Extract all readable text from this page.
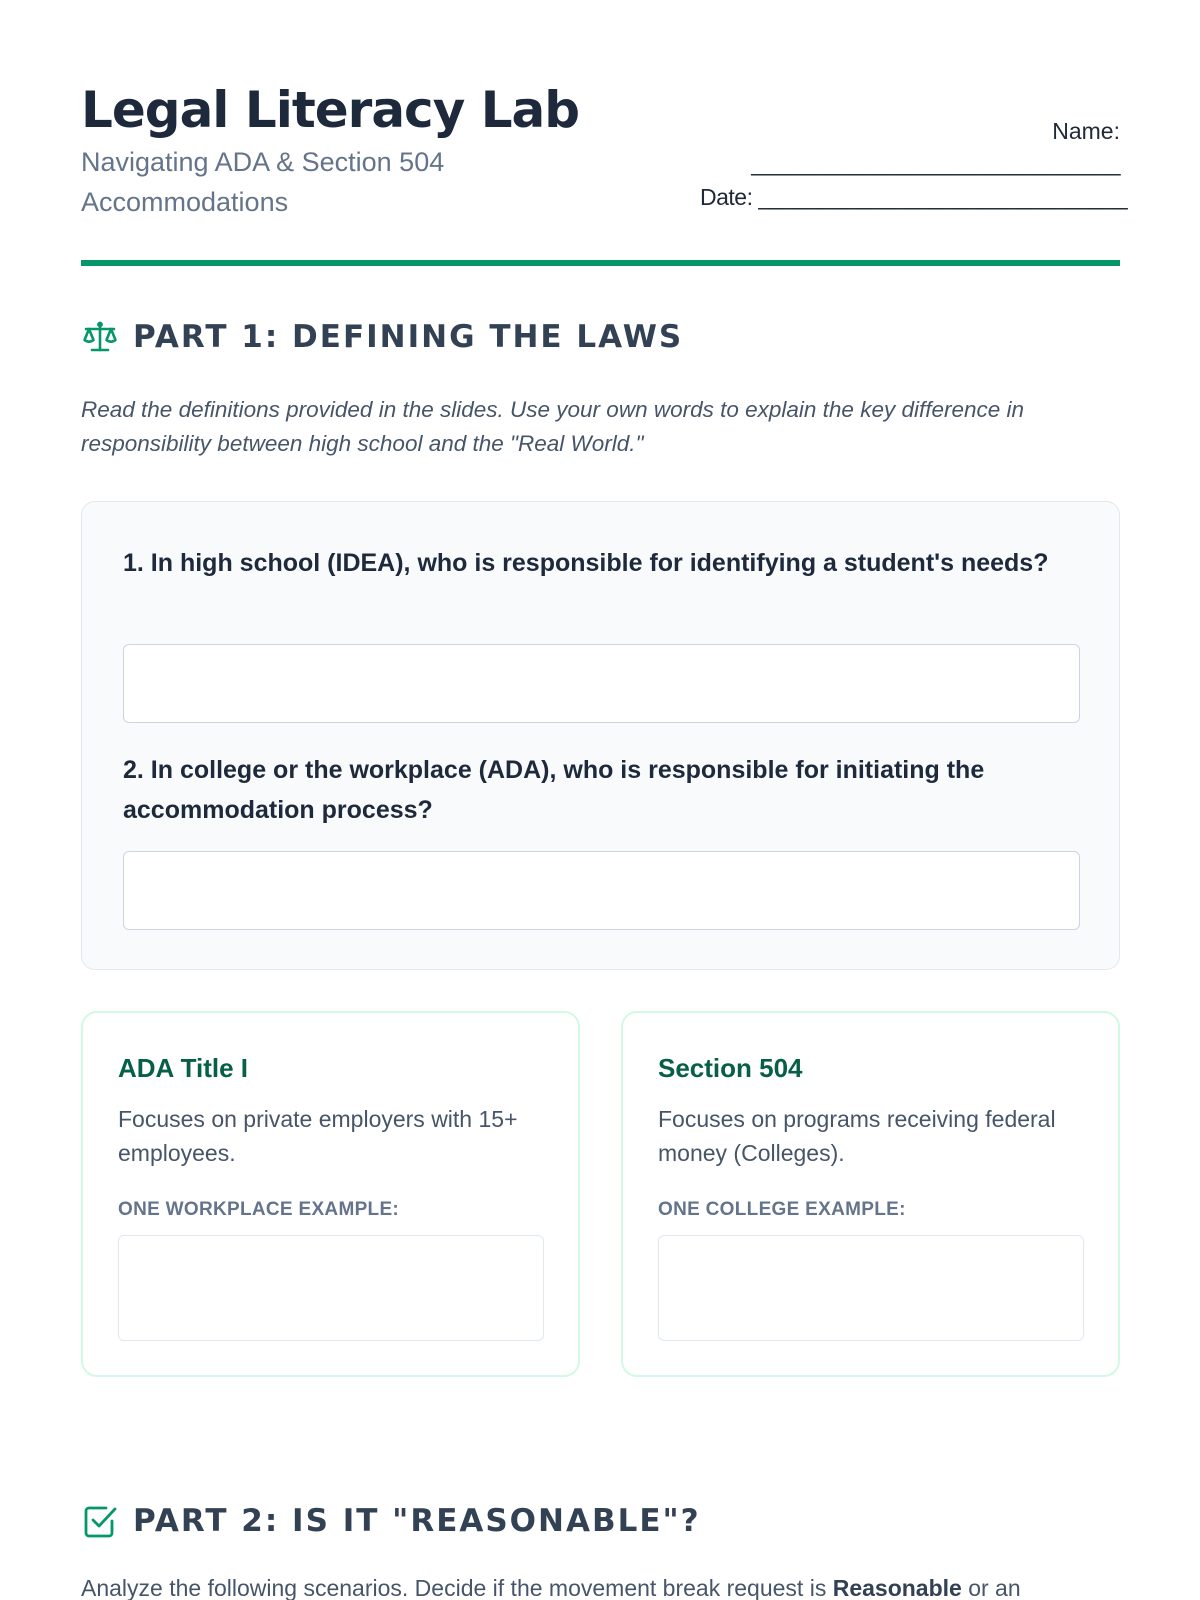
Legal Literacy Lab
Navigating ADA & Section 504 Accommodations
Name:
______________________________
Date: ______________________________
PART 1: DEFINING THE LAWS
Read the definitions provided in the slides. Use your own words to explain the key difference in responsibility between high school and the "Real World."
1. In high school (IDEA), who is responsible for identifying a student's needs?
2. In college or the workplace (ADA), who is responsible for initiating the accommodation process?
ADA Title I
Focuses on private employers with 15+ employees.
ONE WORKPLACE EXAMPLE:
Section 504
Focuses on programs receiving federal money (Colleges).
ONE COLLEGE EXAMPLE:
PART 2: IS IT "REASONABLE"?
Analyze the following scenarios. Decide if the movement break request is Reasonable or an
